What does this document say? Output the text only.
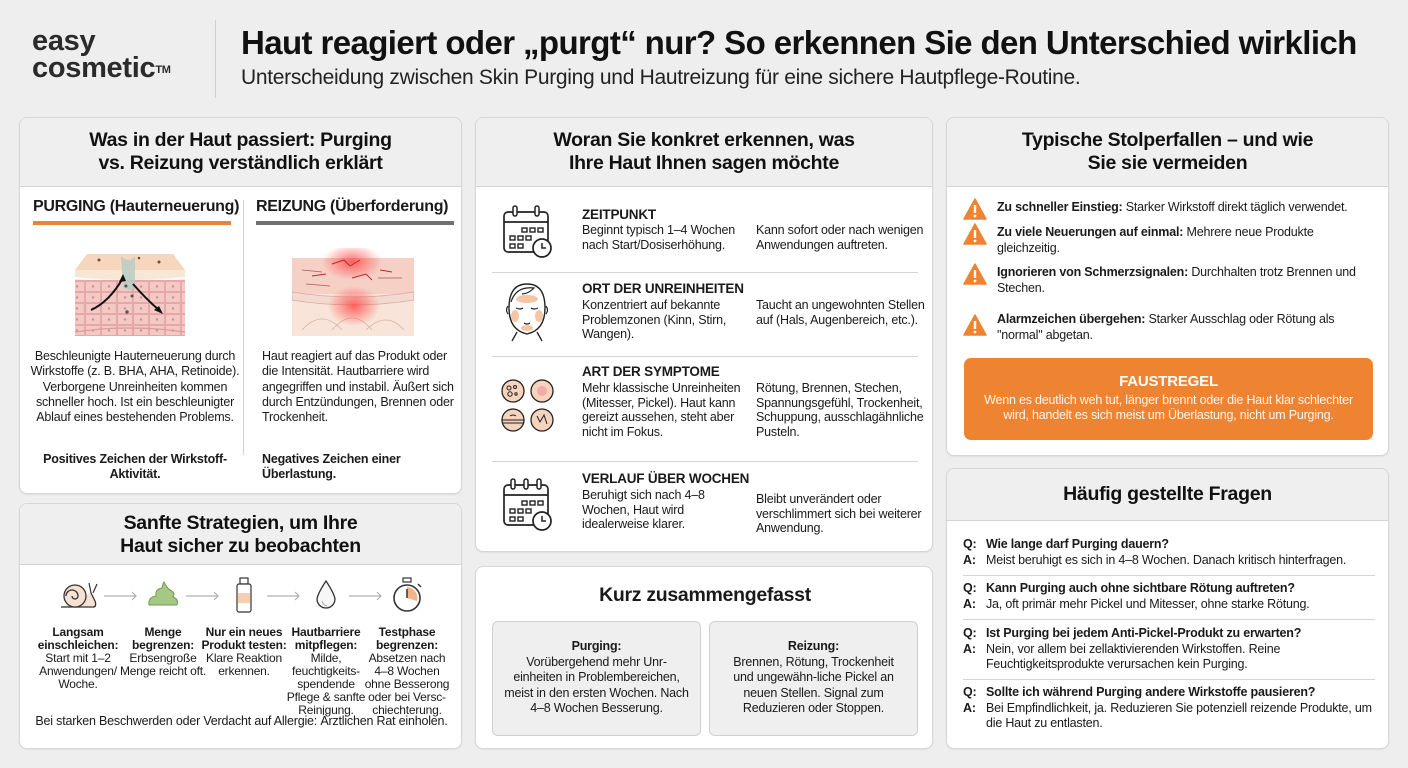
easy
cosmetic™
Haut reagiert oder „purgt“ nur? So erkennen Sie den Unterschied wirklich
Unterscheidung zwischen Skin Purging und Hautreizung für eine sichere Hautpflege-Routine.
Was in der Haut passiert: Purging
vs. Reizung verständlich erklärt
PURGING (Hauterneuerung) REIZUNG (Überforderung)
Beschleunigte Hauterneuerung durch Wirkstoffe (z. B. BHA, AHA, Retinoide). Verborgene Unreinheiten kommen schneller hoch. Ist ein beschleunigter Ablauf eines bestehenden Problems.
Haut reagiert auf das Produkt oder die Intensität. Hautbarriere wird angegriffen und instabil. Äußert sich durch Entzündungen, Brennen oder Trockenheit.
Positives Zeichen der Wirkstoff-Aktivität.
Negatives Zeichen einer Überlastung.
Sanfte Strategien, um Ihre
Haut sicher zu beobachten
Langsam einschleichen:
Start mit 1–2 Anwendungen/ Woche.
Menge begrenzen:
Erbsengroße Menge reicht oft.
Nur ein neues Produkt testen:
Klare Reaktion erkennen.
Hautbarriere mitpflegen:
Milde, feuchtigkeits-spendende Pflege & sanfte Reinigung.
Testphase begrenzen:
Absetzen nach 4–8 Wochen ohne Besserong oder bei Versc-chiechterung.
Bei starken Beschwerden oder Verdacht auf Allergie: Ärztlichen Rat einholen.
Woran Sie konkret erkennen, was
Ihre Haut Ihnen sagen möchte
ZEITPUNKT
Beginnt typisch 1–4 Wochen nach Start/Dosiserhöhung.
Kann sofort oder nach wenigen Anwendungen auftreten.
ORT DER UNREINHEITEN
Konzentriert auf bekannte Problemzonen (Kinn, Stirn, Wangen).
Taucht an ungewohnten Stellen auf (Hals, Augenbereich, etc.).
ART DER SYMPTOME
Mehr klassische Unreinheiten (Mitesser, Pickel). Haut kann gereizt aussehen, steht aber nicht im Fokus.
Rötung, Brennen, Stechen, Spannungsgefühl, Trockenheit, Schuppung, ausschlagähnliche Pusteln.
VERLAUF ÜBER WOCHEN
Beruhigt sich nach 4–8 Wochen, Haut wird idealerweise klarer.
Bleibt unverändert oder verschlimmert sich bei weiterer Anwendung.
Kurz zusammengefasst
Purging:
Vorübergehend mehr Unr-einheiten in Problembereichen, meist in den ersten Wochen. Nach 4–8 Wochen Besserung.
Reizung:
Brennen, Rötung, Trockenheit und ungewähn-liche Pickel an neuen Stellen. Signal zum Reduzieren oder Stoppen.
Typische Stolperfallen – und wie
Sie sie vermeiden
Zu schneller Einstieg: Starker Wirkstoff direkt täglich verwendet.
Zu viele Neuerungen auf einmal: Mehrere neue Produkte gleichzeitig.
Ignorieren von Schmerzsignalen: Durchhalten trotz Brennen und Stechen.
Alarmzeichen übergehen: Starker Ausschlag oder Rötung als "normal" abgetan.
FAUSTREGEL
Wenn es deutlich weh tut, länger brennt oder die Haut klar schlechter wird, handelt es sich meist um Überlastung, nicht um Purging.
Häufig gestellte Fragen
Q: Wie lange darf Purging dauern?
A: Meist beruhigt es sich in 4–8 Wochen. Danach kritisch hinterfragen.
Q: Kann Purging auch ohne sichtbare Rötung auftreten?
A: Ja, oft primär mehr Pickel und Mitesser, ohne starke Rötung.
Q: Ist Purging bei jedem Anti-Pickel-Produkt zu erwarten?
A: Nein, vor allem bei zellaktivierenden Wirkstoffen. Reine Feuchtigkeitsprodukte verursachen kein Purging.
Q: Sollte ich während Purging andere Wirkstoffe pausieren?
A: Bei Empfindlichkeit, ja. Reduzieren Sie potenziell reizende Produkte, um die Haut zu entlasten.
